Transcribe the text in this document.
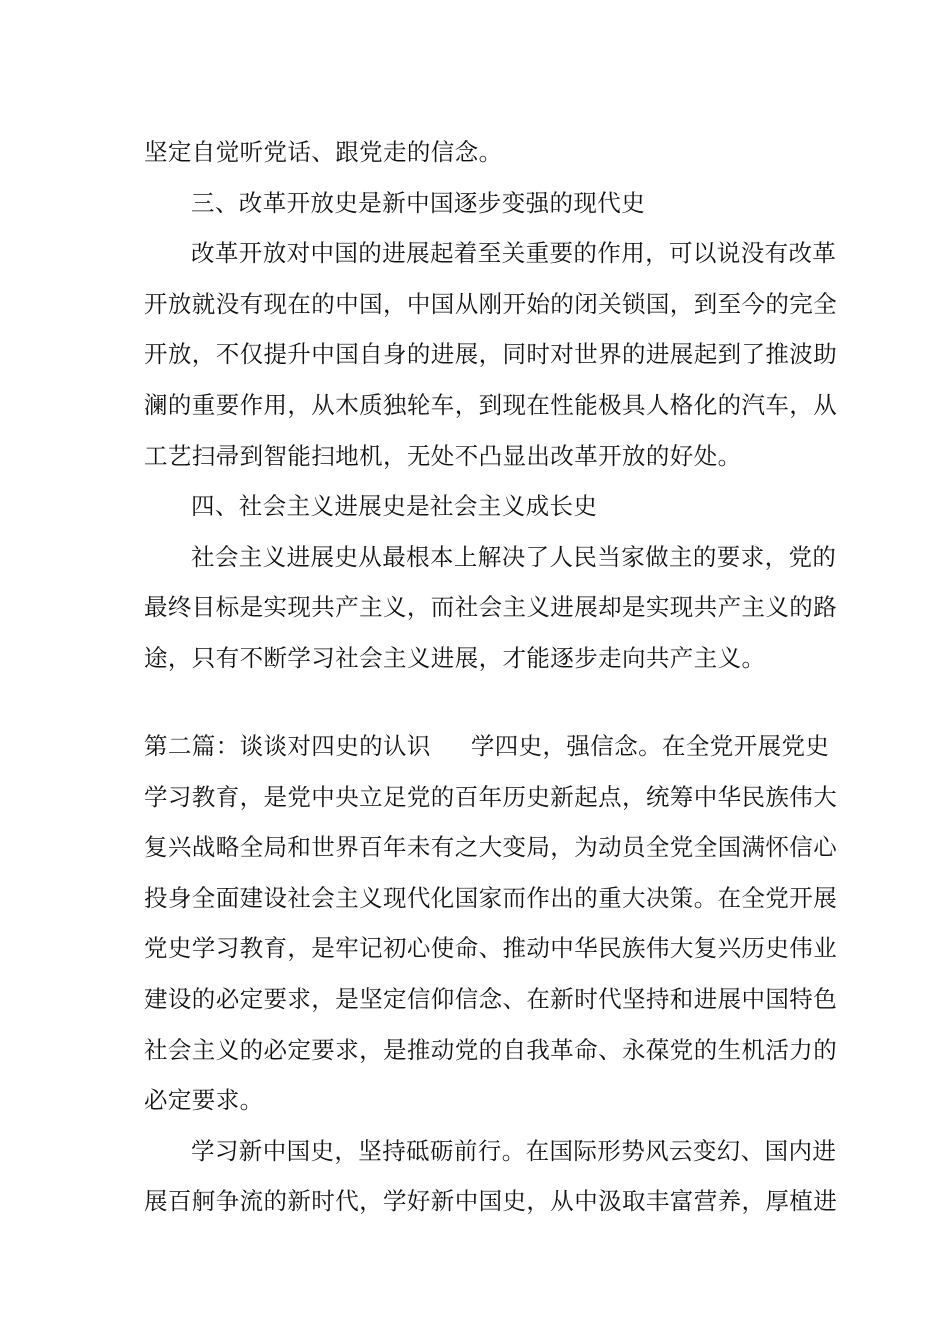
坚定自觉听党话、跟党走的信念。
三、改革开放史是新中国逐步变强的现代史
改革开放对中国的进展起着至关重要的作用，可以说没有改革
开放就没有现在的中国，中国从刚开始的闭关锁国，到至今的完全
开放，不仅提升中国自身的进展，同时对世界的进展起到了推波助
澜的重要作用，从木质独轮车，到现在性能极具人格化的汽车，从
工艺扫帚到智能扫地机，无处不凸显出改革开放的好处。
四、社会主义进展史是社会主义成长史
社会主义进展史从最根本上解决了人民当家做主的要求，党的
最终目标是实现共产主义，而社会主义进展却是实现共产主义的路
途，只有不断学习社会主义进展，才能逐步走向共产主义。
第二篇：谈谈对四史的认识 学四史，强信念。在全党开展党史
学习教育，是党中央立足党的百年历史新起点，统筹中华民族伟大
复兴战略全局和世界百年未有之大变局，为动员全党全国满怀信心
投身全面建设社会主义现代化国家而作出的重大决策。在全党开展
党史学习教育，是牢记初心使命、推动中华民族伟大复兴历史伟业
建设的必定要求，是坚定信仰信念、在新时代坚持和进展中国特色
社会主义的必定要求，是推动党的自我革命、永葆党的生机活力的
必定要求。
学习新中国史，坚持砥砺前行。在国际形势风云变幻、国内进
展百舸争流的新时代，学好新中国史，从中汲取丰富营养，厚植进
